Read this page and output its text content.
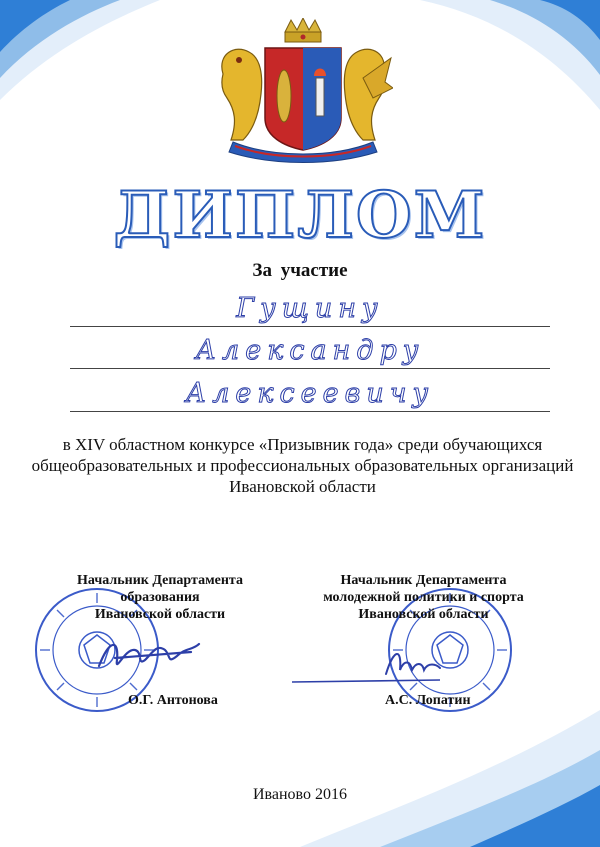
ДИПЛОМ
За участие
Гущину
Александру
Алексеевичу
в XIV областном конкурсе «Призывник года» среди обучающихся общеобразовательных и профессиональных образовательных организаций Ивановской области
Начальник Департамента
образования
Ивановской области
О.Г. Антонова
Начальник Департамента
молодежной политики и спорта
Ивановской области
А.С. Лопатин
Иваново 2016
